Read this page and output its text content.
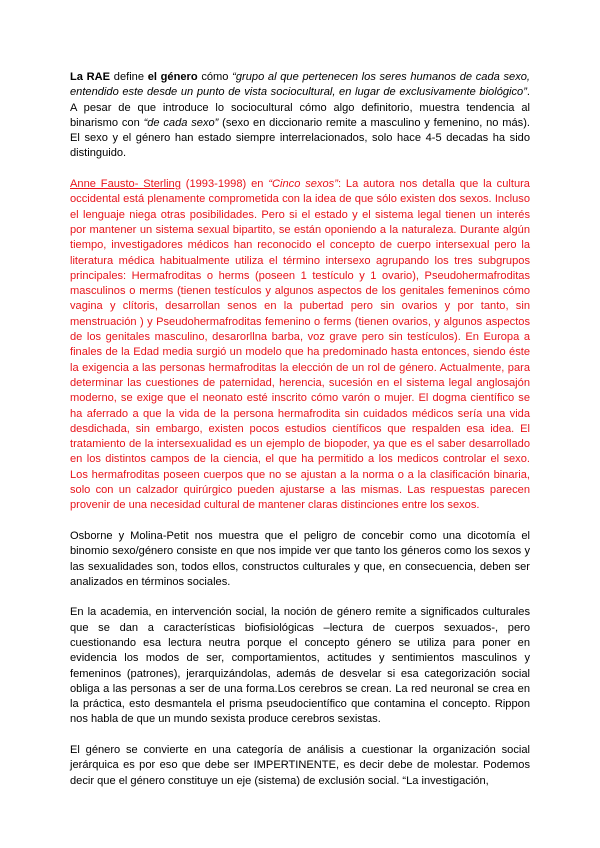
La RAE define el género cómo “grupo al que pertenecen los seres humanos de cada sexo, entendido este desde un punto de vista sociocultural, en lugar de exclusivamente biológico”. A pesar de que introduce lo sociocultural cómo algo definitorio, muestra tendencia al binarismo con “de cada sexo” (sexo en diccionario remite a masculino y femenino, no más). El sexo y el género han estado siempre interrelacionados, solo hace 4-5 decadas ha sido distinguido.

Anne Fausto- Sterling (1993-1998) en “Cinco sexos”: La autora nos detalla que la cultura occidental está plenamente comprometida con la idea de que sólo existen dos sexos. Incluso el lenguaje niega otras posibilidades. Pero si el estado y el sistema legal tienen un interés por mantener un sistema sexual bipartito, se están oponiendo a la naturaleza. Durante algún tiempo, investigadores médicos han reconocido el concepto de cuerpo intersexual pero la literatura médica habitualmente utiliza el término intersexo agrupando los tres subgrupos principales: Hermafroditas o herms (poseen 1 testículo y 1 ovario), Pseudohermafroditas masculinos o merms (tienen testículos y algunos aspectos de los genitales femeninos cómo vagina y clítoris, desarrollan senos en la pubertad pero sin ovarios y por tanto, sin menstruación ) y Pseudohermafroditas femenino o ferms (tienen ovarios, y algunos aspectos de los genitales masculino, desarorllna barba, voz grave pero sin testículos). En Europa a finales de la Edad media surgió un modelo que ha predominado hasta entonces, siendo éste la exigencia a las personas hermafroditas la elección de un rol de género. Actualmente, para determinar las cuestiones de paternidad, herencia, sucesión en el sistema legal anglosajón moderno, se exige que el neonato esté inscrito cómo varón o mujer. El dogma científico se ha aferrado a que la vida de la persona hermafrodita sin cuidados médicos sería una vida desdichada, sin embargo, existen pocos estudios científicos que respalden esa idea. El tratamiento de la intersexualidad es un ejemplo de biopoder, ya que es el saber desarrollado en los distintos campos de la ciencia, el que ha permitido a los medicos controlar el sexo. Los hermafroditas poseen cuerpos que no se ajustan a la norma o a la clasificación binaria, solo con un calzador quirúrgico pueden ajustarse a las mismas. Las respuestas parecen provenir de una necesidad cultural de mantener claras distinciones entre los sexos.

Osborne y Molina-Petit nos muestra que el peligro de concebir como una dicotomía el binomio sexo/género consiste en que nos impide ver que tanto los géneros como los sexos y las sexualidades son, todos ellos, constructos culturales y que, en consecuencia, deben ser analizados en términos sociales.

En la academia, en intervención social, la noción de género remite a significados culturales que se dan a características biofisiológicas –lectura de cuerpos sexuados-, pero cuestionando esa lectura neutra porque el concepto género se utiliza para poner en evidencia los modos de ser, comportamientos, actitudes y sentimientos masculinos y femeninos (patrones), jerarquizándolas, además de desvelar si esa categorización social obliga a las personas a ser de una forma.Los cerebros se crean. La red neuronal se crea en la práctica, esto desmantela el prisma pseudocientífico que contamina el concepto. Rippon nos habla de que un mundo sexista produce cerebros sexistas.

El género se convierte en una categoría de análisis a cuestionar la organización social jerárquica es por eso que debe ser IMPERTINENTE, es decir debe de molestar. Podemos decir que el género constituye un eje (sistema) de exclusión social. “La investigación,
